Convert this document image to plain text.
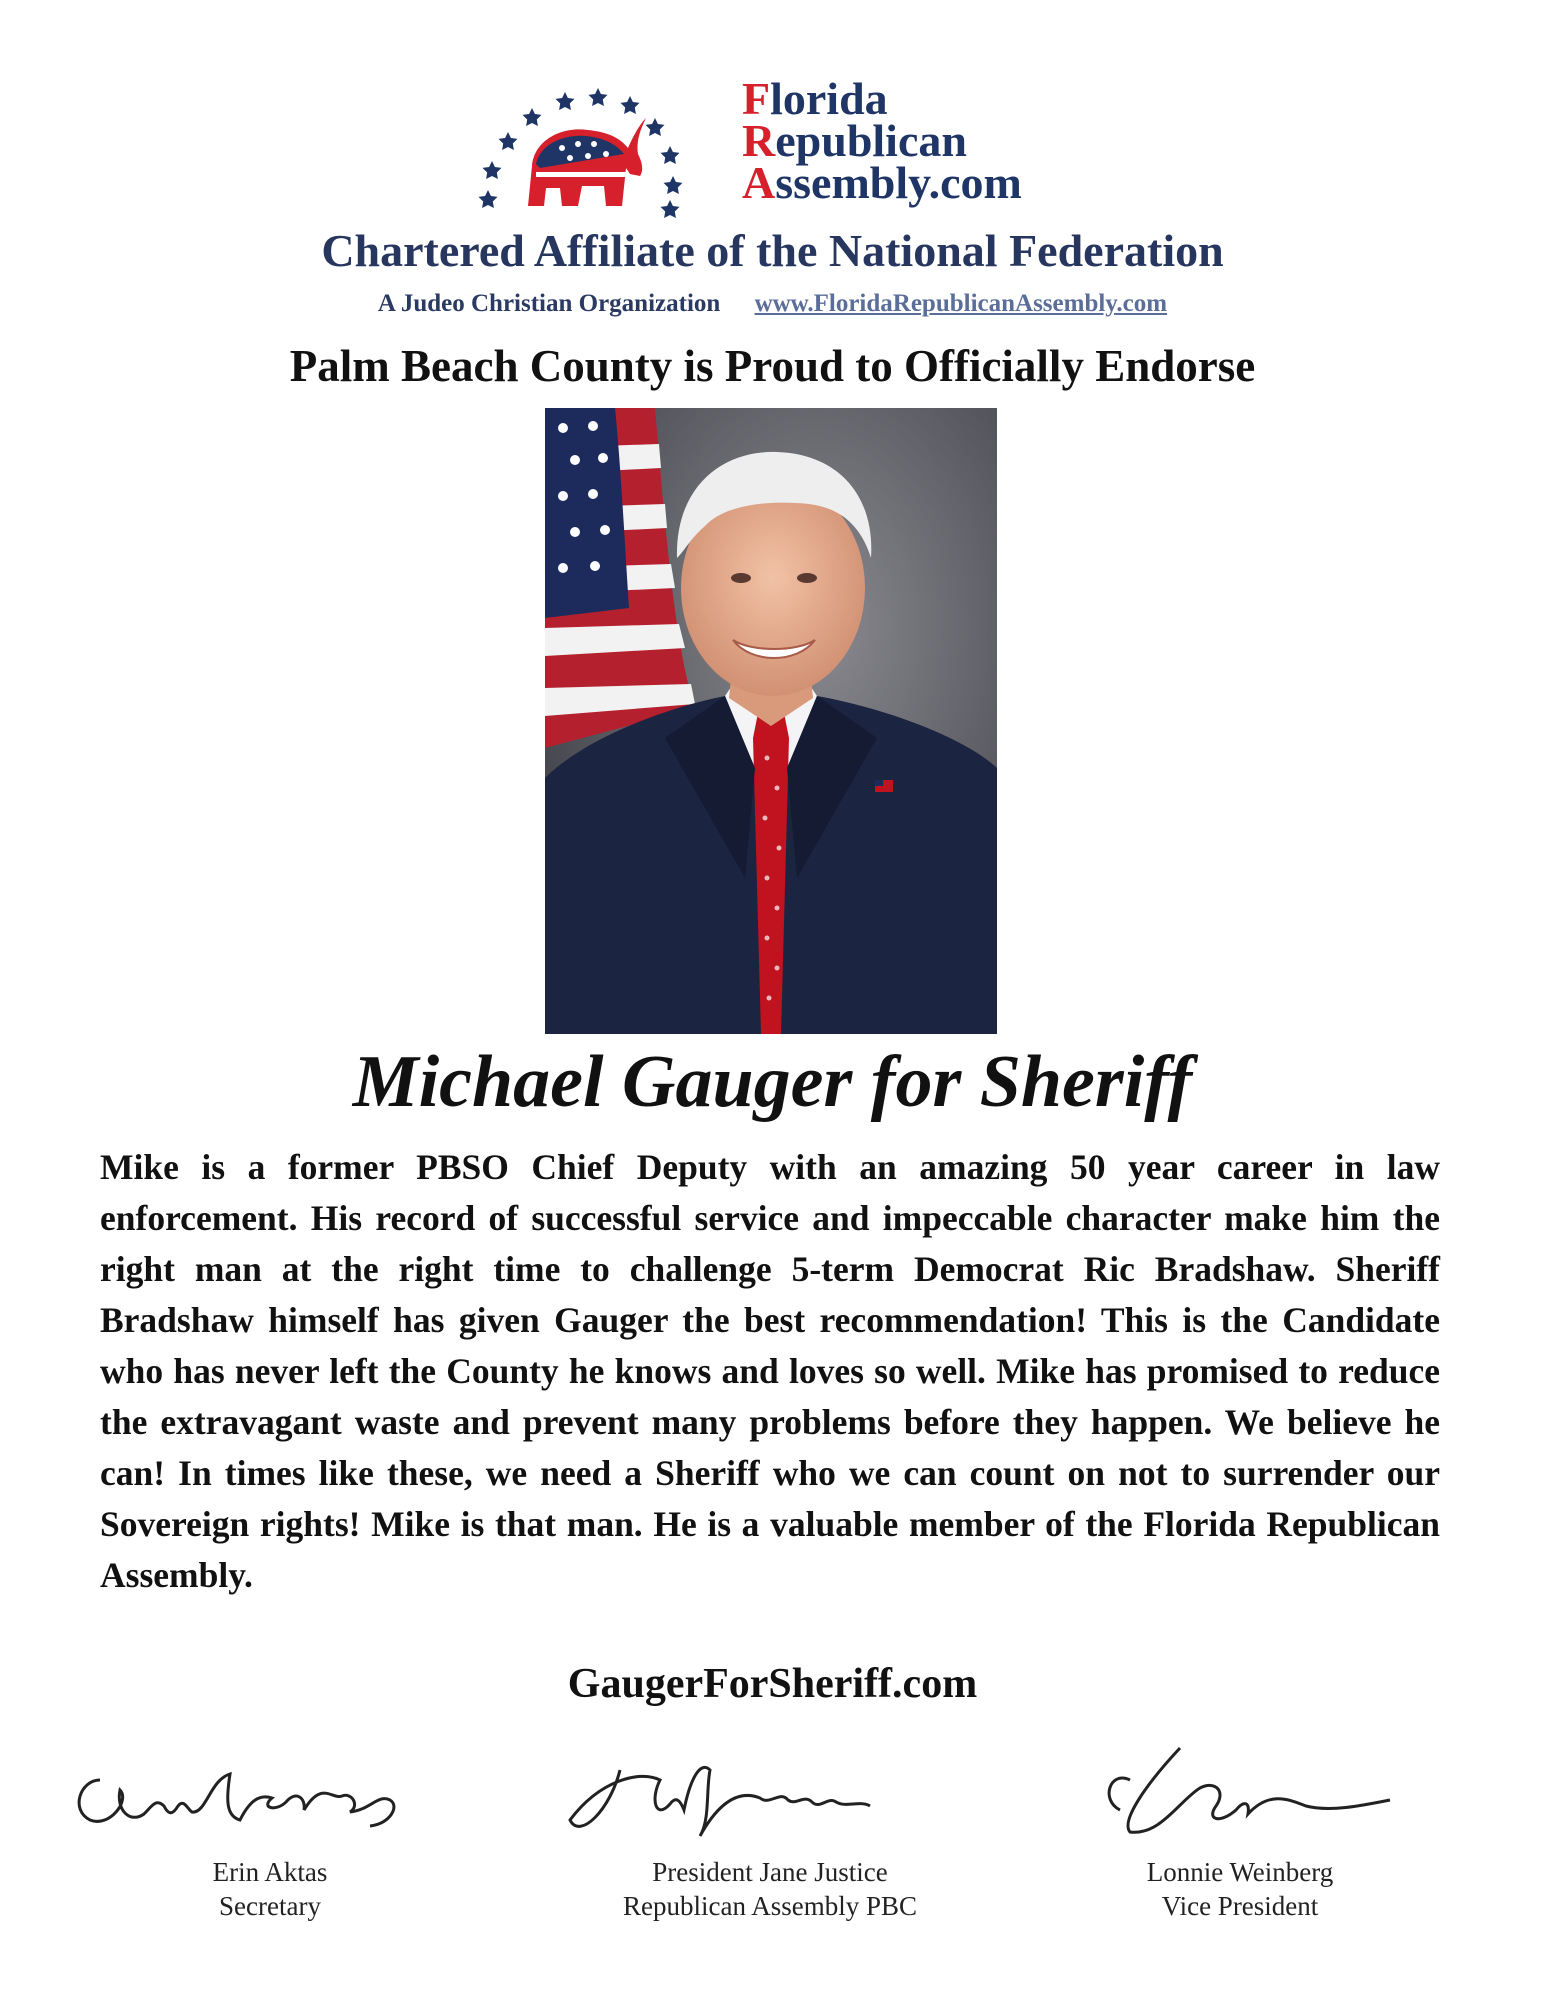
Florida
Republican
Assembly.com
Chartered Affiliate of the National Federation
A Judeo Christian Organization www.FloridaRepublicanAssembly.com
Palm Beach County is Proud to Officially Endorse
Michael Gauger for Sheriff
Mike is a former PBSO Chief Deputy with an amazing 50 year career in law enforcement. His record of successful service and impeccable character make him the right man at the right time to challenge 5-term Democrat Ric Bradshaw. Sheriff Bradshaw himself has given Gauger the best recommendation! This is the Candidate who has never left the County he knows and loves so well. Mike has promised to reduce the extravagant waste and prevent many problems before they happen. We believe he can! In times like these, we need a Sheriff who we can count on not to surrender our Sovereign rights! Mike is that man. He is a valuable member of the Florida Republican Assembly.
GaugerForSheriff.com
Erin Aktas
Secretary
President Jane Justice
Republican Assembly PBC
Lonnie Weinberg
Vice President
